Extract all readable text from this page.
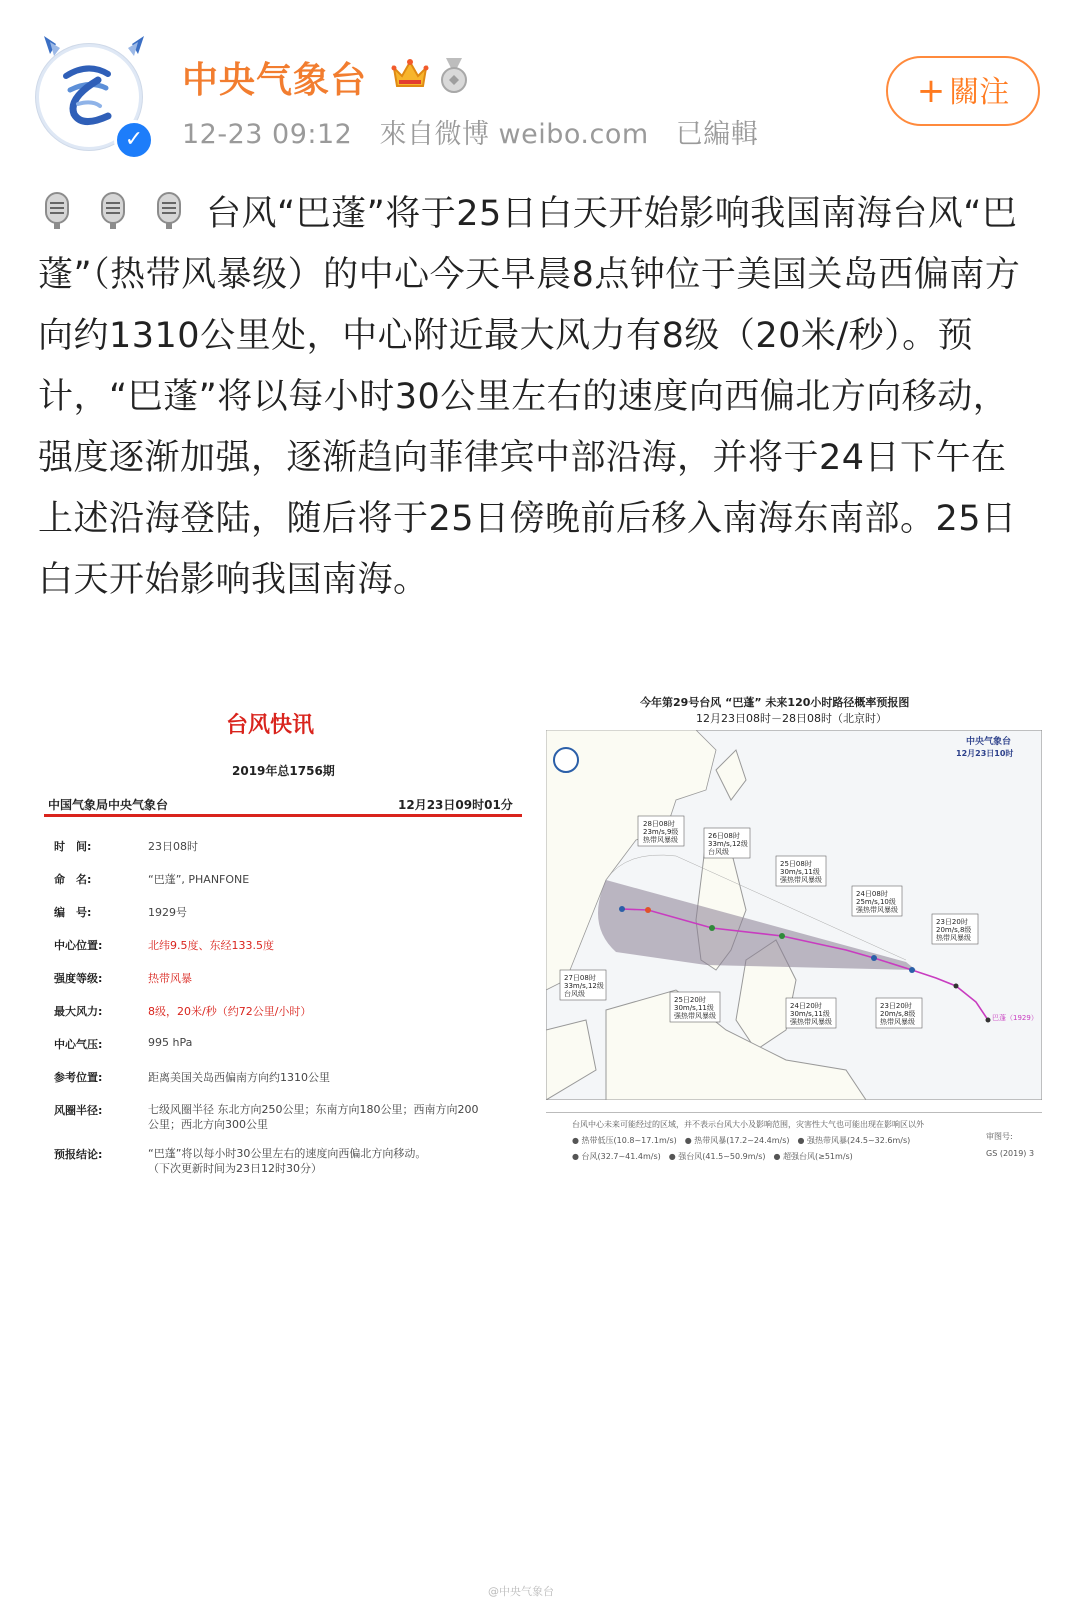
✓
中央气象台
12-23 09:12 來自微博 weibo.com 已編輯
+ 關注
台风“巴蓬”将于25日白天开始影响我国南海台风“巴蓬”（热带风暴级）的中心今天早晨8点钟位于美国关岛西偏南方向约1310公里处，中心附近最大风力有8级（20米/秒）。预计，“巴蓬”将以每小时30公里左右的速度向西偏北方向移动，强度逐渐加强，逐渐趋向菲律宾中部沿海，并将于24日下午在上述沿海登陆，随后将于25日傍晚前后移入南海东南部。25日白天开始影响我国南海。
台风快讯
2019年总1756期
中国气象局中央气象台	12月23日09时01分
时　间:	23日08时
命　名:	“巴蓬”, PHANFONE
编　号:	1929号
中心位置:	北纬9.5度、东经133.5度
强度等级:	热带风暴
最大风力:	8级，20米/秒（约72公里/小时）
中心气压:	995 hPa
参考位置:	距离美国关岛西偏南方向约1310公里
风圈半径:	七级风圈半径 东北方向250公里；东南方向180公里；西南方向200
公里；西北方向300公里
预报结论:	“巴蓬”将以每小时30公里左右的速度向西偏北方向移动。
（下次更新时间为23日12时30分）
今年第29号台风 “巴蓬” 未来120小时路径概率预报图
12月23日08时－28日08时（北京时）
28日08时
23m/s,9级
热带风暴级	26日08时
33m/s,12级
台风级
25日08时
30m/s,11级
强热带风暴级
24日08时
25m/s,10级
强热带风暴级
23日20时
20m/s,8级
热带风暴级
27日08时
33m/s,12级
台风级
25日20时
30m/s,11级
强热带风暴级
24日20时
30m/s,11级
强热带风暴级
23日20时
20m/s,8级
热带风暴级	巴蓬（1929）
中央气象台
12月23日10时
台风中心未来可能经过的区域，并不表示台风大小及影响范围，灾害性大气也可能出现在影响区以外
● 热带低压(10.8~17.1m/s)　● 热带风暴(17.2~24.4m/s)　● 强热带风暴(24.5~32.6m/s)
● 台风(32.7~41.4m/s)　● 强台风(41.5~50.9m/s)　● 超强台风(≥51m/s)
审图号:
GS (2019) 3
@中央气象台
